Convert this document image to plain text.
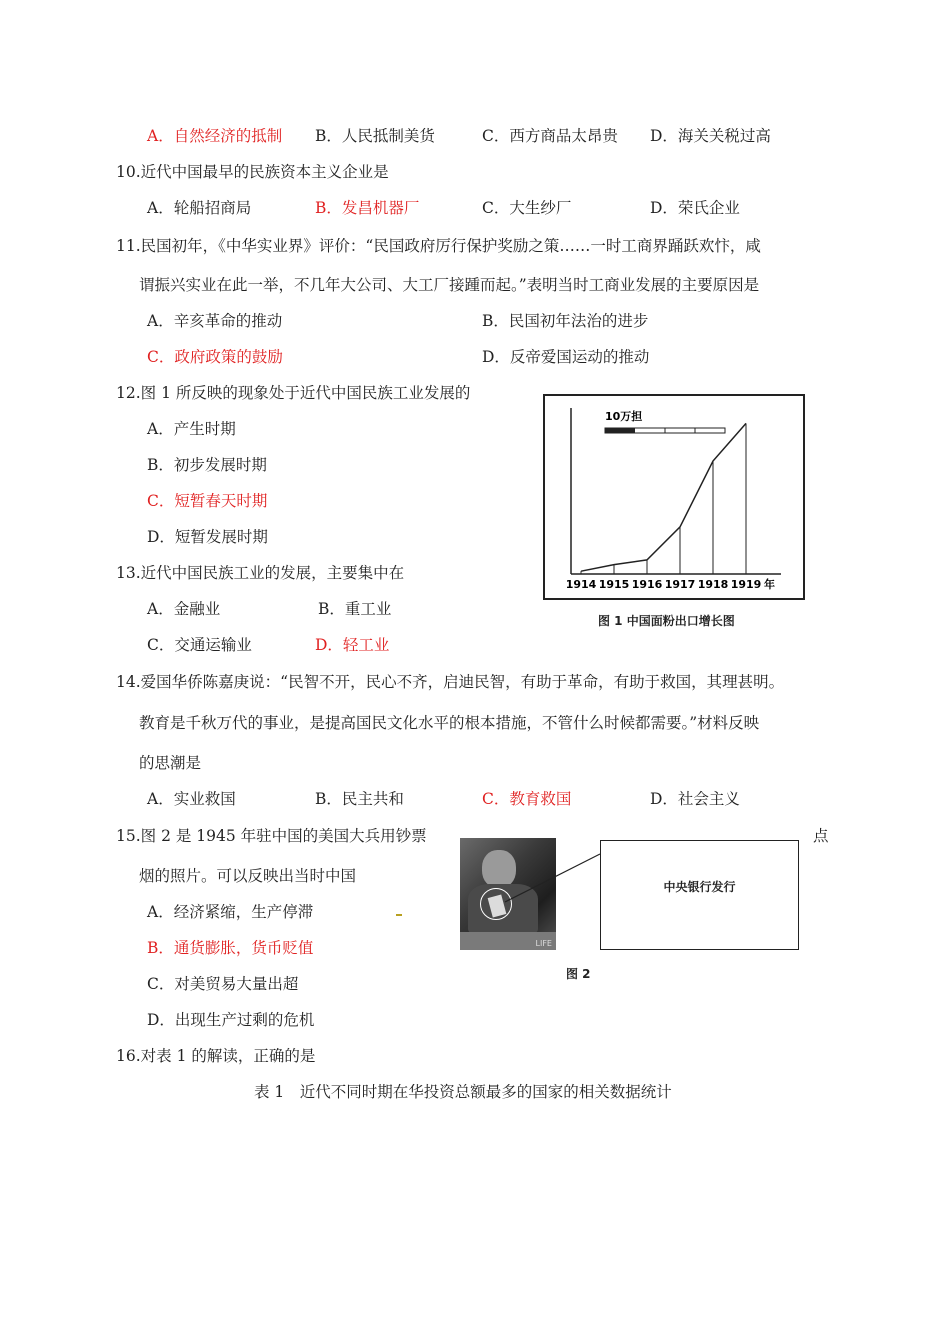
A．自然经济的抵制 B．人民抵制美货	C．西方商品太昂贵 D．海关关税过高
10.近代中国最早的民族资本主义企业是
A．轮船招商局	B．发昌机器厂	C．大生纱厂	D．荣氏企业
11.民国初年，《中华实业界》评价：“民国政府厉行保护奖励之策……一时工商界踊跃欢忭，咸
谓振兴实业在此一举，不几年大公司、大工厂接踵而起。”表明当时工商业发展的主要原因是
A．辛亥革命的推动	B．民国初年法治的进步
C．政府政策的鼓励	D．反帝爱国运动的推动
12.图 1 所反映的现象处于近代中国民族工业发展的
A．产生时期
B．初步发展时期
C．短暂春天时期
D．短暂发展时期
10万担
1914 1915 1916 1917 1918 1919 年
图 1 中国面粉出口增长图
13.近代中国民族工业的发展，主要集中在
A．金融业	B．重工业
C．交通运输业	D．轻工业
14.爱国华侨陈嘉庚说：“民智不开，民心不齐，启迪民智，有助于革命，有助于救国，其理甚明。
教育是千秋万代的事业，是提高国民文化水平的根本措施，不管什么时候都需要。”材料反映
的思潮是
A．实业救国	B．民主共和	C．教育救国	D．社会主义
15.图 2 是 1945 年驻中国的美国大兵用钞票	点
烟的照片。可以反映出当时中国
A．经济紧缩，生产停滞
B．通货膨胀，货币贬值
C．对美贸易大量出超
D．出现生产过剩的危机
LIFE
中央银行发行
图 2
16.对表 1 的解读，正确的是
表 1　近代不同时期在华投资总额最多的国家的相关数据统计
